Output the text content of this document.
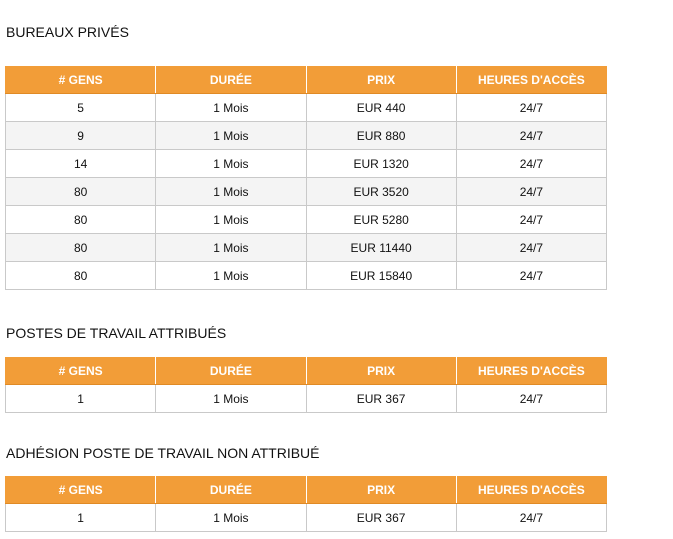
BUREAUX PRIVÉS
# GENS	DURÉE	PRIX	HEURES D'ACCÈS
5	1 Mois	EUR 440	24/7
9	1 Mois	EUR 880	24/7
14	1 Mois	EUR 1320	24/7
80	1 Mois	EUR 3520	24/7
80	1 Mois	EUR 5280	24/7
80	1 Mois	EUR 11440	24/7
80	1 Mois	EUR 15840	24/7
POSTES DE TRAVAIL ATTRIBUÉS
# GENS	DURÉE	PRIX	HEURES D'ACCÈS
1	1 Mois	EUR 367	24/7
ADHÉSION POSTE DE TRAVAIL NON ATTRIBUÉ
# GENS	DURÉE	PRIX	HEURES D'ACCÈS
1	1 Mois	EUR 367	24/7
